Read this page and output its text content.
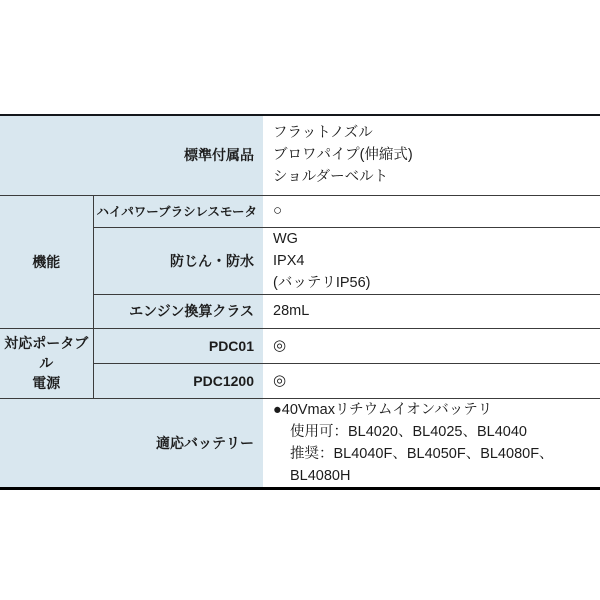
標準付属品		フラットノズル
ブロワパイプ(伸縮式)
ショルダーベルト

機能	ハイパワーブラシレスモータ	○
	防じん・防水	WG
IPX4
(バッテリIP56)

	エンジン換算クラス	28mL

対応ポータブル
電源	PDC01	◎
	PDC1200	◎
適応バッテリー		●40Vmaxリチウムイオンバッテリ
使用可：BL4020、BL4025、BL4040
推奨：BL4040F、BL4050F、BL4080F、BL4080H
